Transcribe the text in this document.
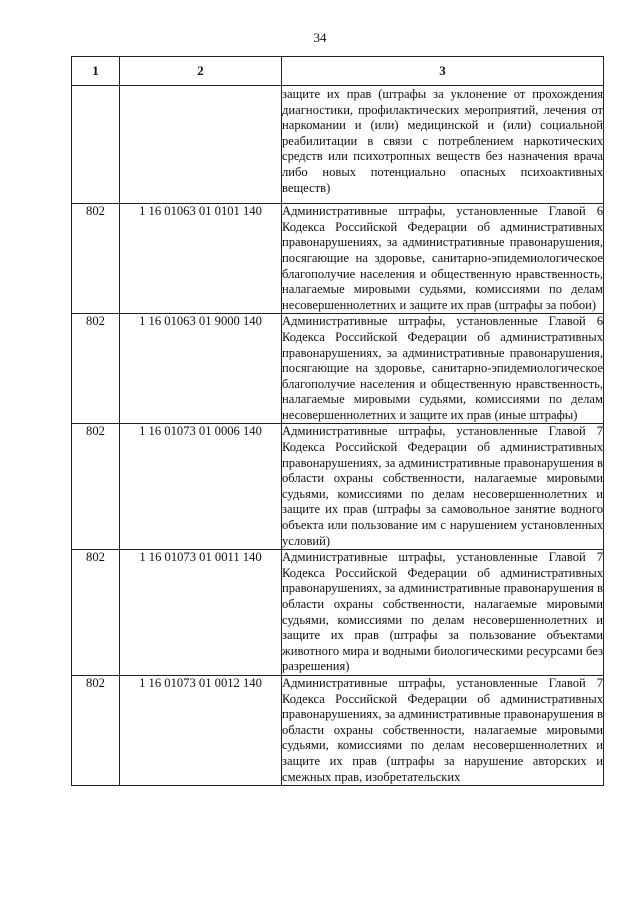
34
1	2	3

		защите их прав (штрафы за уклонение от прохождения диагностики, профилактических мероприятий, лечения от наркомании и (или) медицинской и (или) социальной реабилитации в связи с потреблением наркотических средств или психотропных веществ без назначения врача либо новых потенциально опасных психоактивных веществ)

802	1 16 01063 01 0101 140	Административные штрафы, установленные Главой 6 Кодекса Российской Федерации об административных правонарушениях, за административные правонарушения, посягающие на здоровье, санитарно-эпидемиологическое благополучие населения и общественную нравственность, налагаемые мировыми судьями, комиссиями по делам несовершеннолетних и защите их прав (штрафы за побои)

802	1 16 01063 01 9000 140	Административные штрафы, установленные Главой 6 Кодекса Российской Федерации об административных правонарушениях, за административные правонарушения, посягающие на здоровье, санитарно-эпидемиологическое благополучие населения и общественную нравственность, налагаемые мировыми судьями, комиссиями по делам несовершеннолетних и защите их прав (иные штрафы)

802	1 16 01073 01 0006 140	Административные штрафы, установленные Главой 7 Кодекса Российской Федерации об административных правонарушениях, за административные правонарушения в области охраны собственности, налагаемые мировыми судьями, комиссиями по делам несовершеннолетних и защите их прав (штрафы за самовольное занятие водного объекта или пользование им с нарушением установленных условий)

802	1 16 01073 01 0011 140	Административные штрафы, установленные Главой 7 Кодекса Российской Федерации об административных правонарушениях, за административные правонарушения в области охраны собственности, налагаемые мировыми судьями, комиссиями по делам несовершеннолетних и защите их прав (штрафы за пользование объектами животного мира и водными биологическими ресурсами без разрешения)

802	1 16 01073 01 0012 140	Административные штрафы, установленные Главой 7 Кодекса Российской Федерации об административных правонарушениях, за административные правонарушения в области охраны собственности, налагаемые мировыми судьями, комиссиями по делам несовершеннолетних и защите их прав (штрафы за нарушение авторских и смежных прав, изобретательских
